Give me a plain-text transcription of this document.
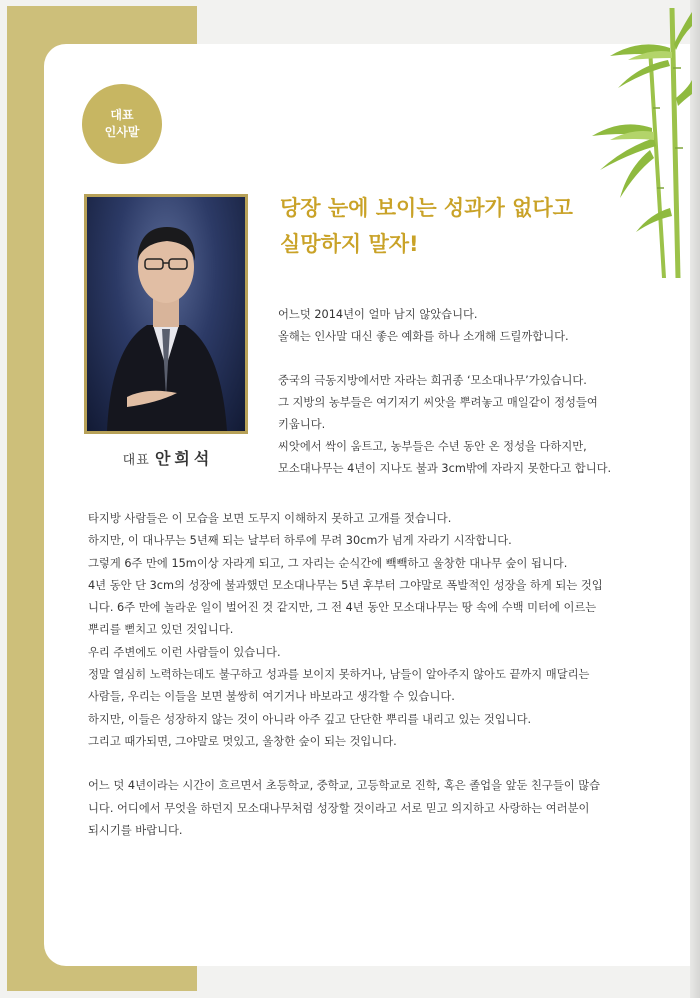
대표
인사말
대표 안희석
당장 눈에 보이는 성과가 없다고
실망하지 말자!

어느덧 2014년이 얼마 남지 않았습니다.

올해는 인사말 대신 좋은 예화를 하나 소개해 드릴까합니다.

중국의 극동지방에서만 자라는 희귀종 ‘모소대나무’가있습니다.

그 지방의 농부들은 여기저기 씨앗을 뿌려놓고 매일같이 정성들여

키웁니다.

씨앗에서 싹이 움트고, 농부들은 수년 동안 온 정성을 다하지만,

모소대나무는 4년이 지나도 불과 3cm밖에 자라지 못한다고 합니다.

타지방 사람들은 이 모습을 보면 도무지 이해하지 못하고 고개를 젓습니다.

하지만, 이 대나무는 5년째 되는 날부터 하루에 무려 30cm가 넘게 자라기 시작합니다.

그렇게 6주 만에 15m이상 자라게 되고, 그 자리는 순식간에 빽빽하고 울창한 대나무 숲이 됩니다.

4년 동안 단 3cm의 성장에 불과했던 모소대나무는 5년 후부터 그야말로 폭발적인 성장을 하게 되는 것입

니다. 6주 만에 놀라운 일이 벌어진 것 같지만, 그 전 4년 동안 모소대나무는 땅 속에 수백 미터에 이르는

뿌리를 뻗치고 있던 것입니다.

우리 주변에도 이런 사람들이 있습니다.

정말 열심히 노력하는데도 불구하고 성과를 보이지 못하거나, 남들이 알아주지 않아도 끝까지 매달리는

사람들, 우리는 이들을 보면 불쌍히 여기거나 바보라고 생각할 수 있습니다.

하지만, 이들은 성장하지 않는 것이 아니라 아주 깊고 단단한 뿌리를 내리고 있는 것입니다.

그리고 때가되면, 그야말로 멋있고, 울창한 숲이 되는 것입니다.

어느 덧 4년이라는 시간이 흐르면서 초등학교, 중학교, 고등학교로 진학, 혹은 졸업을 앞둔 친구들이 많습

니다. 어디에서 무엇을 하던지 모소대나무처럼 성장할 것이라고 서로 믿고 의지하고 사랑하는 여러분이

되시기를 바랍니다.
